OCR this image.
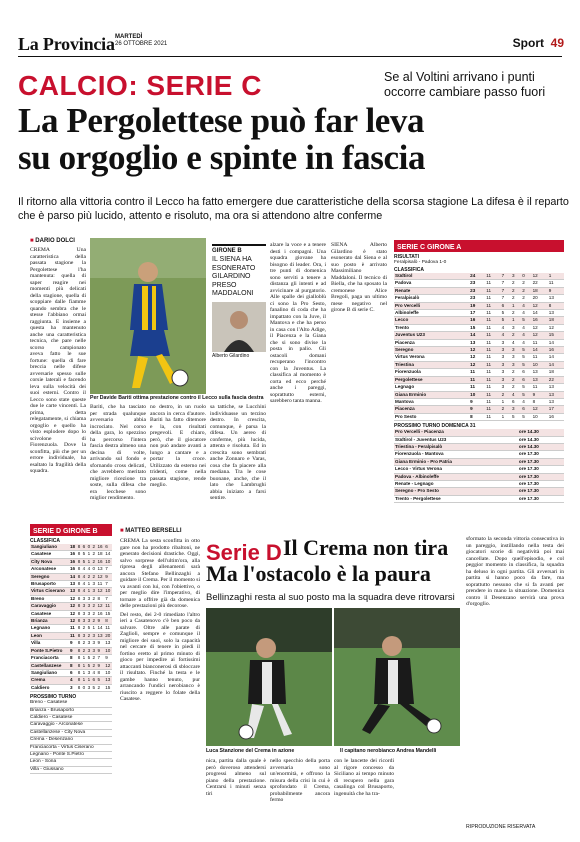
La Provincia MARTEDÌ
26 OTTOBRE 2021	Sport 49
CALCIO: SERIE C	Se al Voltini arrivano i punti occorre cambiare passo fuori
La Pergolettese può far leva
su orgoglio e spinte in fascia
Il ritorno alla vittoria contro il Lecco ha fatto emergere due caratteristiche della scorsa stagione La difesa è il reparto che è parso più lucido, attento e risoluto, ma ora si attendono altre conferme
■ DARIO DOLCI
CREMA Una caratteristica della passata stagione la Pergolettese l'ha mantenuta: quella di saper reagire nei momenti più delicati della stagione, quella di scoppiare dalle fiamme quando sembra che le stesse l'abbiano ormai raggiunta. E insieme a questa ha mantenuto anche una caratteristica tecnica, che pare nelle scorso campionato aveva fatto le sue fortune: quella di fare breccia nelle difese avversarie spesso sulle corsie laterali e facendo leva sulla velocità dei suoi esterni. Contro il Lecco sono state queste due le carte vincenti. La prima, detta relegatamente, si chiama orgoglio e quello ha visto esplodere dopo lo scivolone di Fiorenzuola. Dove la sconfitta, più che per un errore individuale, ha esaltato la fragilità della squadra.
Per Davide Bariti ottima prestazione contro il Lecco sulla fascia destra
Bariti, che ha tasciato per strada qualunque avversario abbia incrociato. Nel corso della gara, lo spezzino ha percorso l'intera fascia destra almeno una decina di volte, arrivando sul fondo e sfornando cross delicati, che avrebbero meritato migliore ricezione tra soste, sulla difesa che era lecchese sono miglior rendimento.
no destro, in un ruolo ancora in cerca d'autore. Bariti ha fatto ditemore e la, con risultati pregevoli. E chiaro, però, che il giocatore non può andare avanti a lungo a cantare e a portar la croce. Utilizzato da esterno nei tridenti, come nella passata stagione, rende meglio.
sa tattiche, se Lucchini individuasse un terzino destro. In crescita, comunque, è parsa la difesa. Un aereo di conferme, più lucida, attenta e risoluta. Ed in crescita sono sembrati anche Zonnaro e Varas, cosa che fa piacere alla mediana. Tra le cose buonane, anche, che il lato che Lambrughi abbia iniziato a farsi sentire.
alzare la voce e a tenere desti i compagni. Una squadra giovane ha bisogno di leader. Ora, i tre punti di domenica sono serviti a tenere a distanza gli intenti e ad avvicinare al purgatorio. Alle spalle dei gialloblù ci sono la Pro Sesto, fanalino di coda che ha impattato con la Juve, il Mantova e che ha perso in casa con l'Alto Adige, il Piacenza e la Giana che si sono divise la posta in palio. Gli ostacoli domani recuperano l'incontro con la Juventus. La classifica al momento è corta ed ecco perché anche i pareggi, soprattutto esterni, sarebbero tanta manna.
GIRONE B
IL SIENA HA ESONERATO GILARDINO PRESO MADDALONI
Alberto Gilardino
SIENA Alberto Gilardino è stato esonerato dal Siena e al suo posto è arrivato Massimiliano Maddaloni. Il tecnico di Biella, che ha sposato la cremonese Alice Bregoli, paga un ultimo mese negativo nel girone B di serie C.
SERIE C GIRONE A
RISULTATI
Feralpisalò - Padova 1-0
CLASSIFICA
Südtirol	24	11	7	3	0	12	1
Padova	23	11	7	2	2	22	11
Renate	23	11	7	2	2	18	9
Feralpisalò	23	11	7	2	2	20	13
Pro Vercelli	19	11	6	1	4	12	8
Albinoleffe	17	11	5	2	4	14	13
Lecco	16	11	5	1	5	16	18
Trento	15	11	4	3	4	12	12
Juventus U23	14	11	4	2	4	12	15
Piacenza	13	11	3	4	4	11	14
Seregno	12	11	3	3	5	14	16
Virtus Verona	12	11	3	3	5	11	14
Triestina	12	11	3	3	5	10	14
Fiorenzuola	11	11	3	2	6	13	18
Pergolettese	11	11	3	2	6	13	22
Legnago	11	11	3	2	5	11	13
Giana Erminio	10	11	2	4	5	9	13
Mantova	9	11	1	6	4	8	13
Piacenza	9	11	2	3	6	12	17
Pro Sesto	8	11	1	5	5	10	16
PROSSIMO TURNO DOMENICA 31
Pro Vercelli - Piacenza	ore 14.30
Südtirol - Juventus U23	ore 14.30
Triestina - Feralpisalò	ore 14.30
Fiorenzuola - Mantova	ore 17.30
Giana Erminio - Pro Patria	ore 17.30
Lecco - Virtus Verona	ore 17.30
Padova - Albinoleffe	ore 17.30
Renate - Legnago	ore 17.30
Seregno - Pro Sesto	ore 17.30
Trento - Pergolettese	ore 17.30
SERIE D GIRONE B
CLASSIFICA
Sangiuliano	18	8	6	0	2	16	6
Casatese	16	8	5	1	2	18	14
City Nova	16	8	5	1	2	16	10
Arconatese	16	8	4	4	0	13	7
Seregno	14	8	4	2	2	12	9
Brusaporto	13	8	4	1	3	11	7
Virtus Ciserano	13	8	4	1	3	12	10
Breno	12	8	3	3	2	8	7
Caravaggio	12	8	3	3	2	12	11
Casatese	12	8	3	3	2	16	15
Brianza	12	8	3	3	2	9	8
Legnano	11	8	2	5	1	14	11
Leon	11	8	3	2	3	13	20
Villa	9	8	2	3	3	9	13
Ponte S.Pietro	9	8	2	3	3	9	10
Franciacorta	8	8	1	5	2	7	9
Castellanzese	8	8	1	5	2	9	12
Sangiuliano	6	8	1	3	4	8	10
Crema	4	8	1	1	6	5	13
Caldiero	3	8	0	3	5	2	15
PROSSIMO TURNO
Breno - Casatese
Brianza - Brusaporto
Caldiero - Casatese
Caravaggio - Arconatese
Castellanzese - City Nova
Crema - Desenzano
Franciacorta - Virtus Ciserano
Legnano - Ponte S.Pietro
Leon - Sona
Villa - Giussano
■ MATTEO BERSELLI
CREMA La sesta sconfitta in otto gare non ha prodotto ribaltoni, ne generato decisioni drastiche. Oggi, salvo sorprese dell'ultim'ora, alla ripresa degli allenamenti sarà ancora Stefano Bellinzaghi a guidare il Crema. Per il momento si va avanti con lui, con l'obiettivo, o per meglio dire l'imperativo, di tornare a offrire già da domenica delle prestazioni più decorose.
Del resto, dei 2-0 rimediato l'altro ieri a Casatenovo c'è ben poco da salvare. Oltre alle parate di Zaglioli, sempre e comunque il migliore dei suoi, solo la capacità nel cercare di tenere in piedi il fortino eretto al primo minuto di gioco per impedire ai fortissimi attaccanti bianconerosi di sbloccare il risultato. Finché la testa e le gambe hanno tenuto, pur arrancando l'undici nerobianco è riuscito a reggere lo folate della Casatese.
Serie D Il Crema non tira
Ma l'ostacolo è la paura
Bellinzaghi resta al suo posto ma la squadra deve ritrovarsi
Luca Stanzione del Crema in azione	Il capitano nerobianco Andrea Mandelli
nica, partita dalla quale è però doveroso attendersi progressi almeno sul piano della prestazione. Centrarsi i minuti senza tiri
nello specchio della porta avversaria sono un'enormità, e offrono la misura della crisi in cui è sprofondato il Crema, probabilmente ancora fermo
con le lancette dei ricordi al rigore concesso da Siciliano ai tempo minuto di recupero nella gara casalinga col Brusaporto, ingenuità che ha tra-
sformato la seconda vittoria consecutiva in un pareggio, instillando nella testa dei giocatori scorie di negatività poi mai cancellate. Dopo quell'episodio, e col peggior momento in classifica, la squadra ha deluso in ogni partita. Gli avversari in partita si hanno poco da fare, ma soprattutto nessuno che si fa avanti per prendere in mano la situazione. Domenica contro il Desenzano servirà una prova d'orgoglio.
RIPRODUZIONE RISERVATA
